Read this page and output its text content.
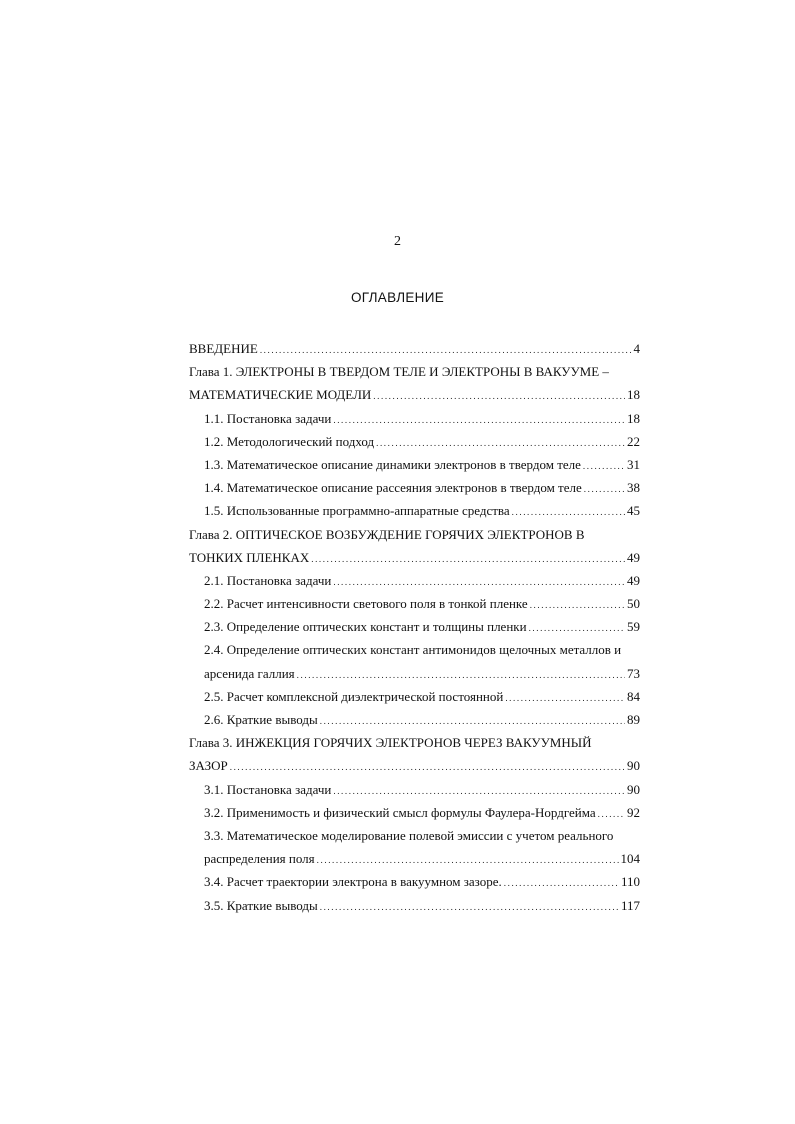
2
ОГЛАВЛЕНИЕ
ВВЕДЕНИЕ .....	4
Глава 1. ЭЛЕКТРОНЫ В ТВЕРДОМ ТЕЛЕ И ЭЛЕКТРОНЫ В ВАКУУМЕ –
МАТЕМАТИЧЕСКИЕ МОДЕЛИ .....	18
1.1. Постановка задачи .....	18
1.2. Методологический подход .....	22
1.3. Математическое описание динамики электронов в твердом теле .....	31
1.4. Математическое описание рассеяния электронов в твердом теле .....	38
1.5. Использованные программно-аппаратные средства .....	45
Глава 2. ОПТИЧЕСКОЕ ВОЗБУЖДЕНИЕ ГОРЯЧИХ ЭЛЕКТРОНОВ В
ТОНКИХ ПЛЕНКАХ .....	49
2.1. Постановка задачи .....	49
2.2. Расчет интенсивности светового поля в тонкой пленке .....	50
2.3. Определение оптических констант и толщины пленки .....	59
2.4. Определение оптических констант антимонидов щелочных металлов и
арсенида галлия .....	73
2.5. Расчет комплексной диэлектрической постоянной .....	84
2.6. Краткие выводы .....	89
Глава 3. ИНЖЕКЦИЯ ГОРЯЧИХ ЭЛЕКТРОНОВ ЧЕРЕЗ ВАКУУМНЫЙ
ЗАЗОР .....	90
3.1. Постановка задачи .....	90
3.2. Применимость и физический смысл формулы Фаулера-Нордгейма ..... 92
3.3. Математическое моделирование полевой эмиссии с учетом реального
распределения поля .....	104
3.4. Расчет траектории электрона в вакуумном зазоре. .....	110
3.5. Краткие выводы .....	117
